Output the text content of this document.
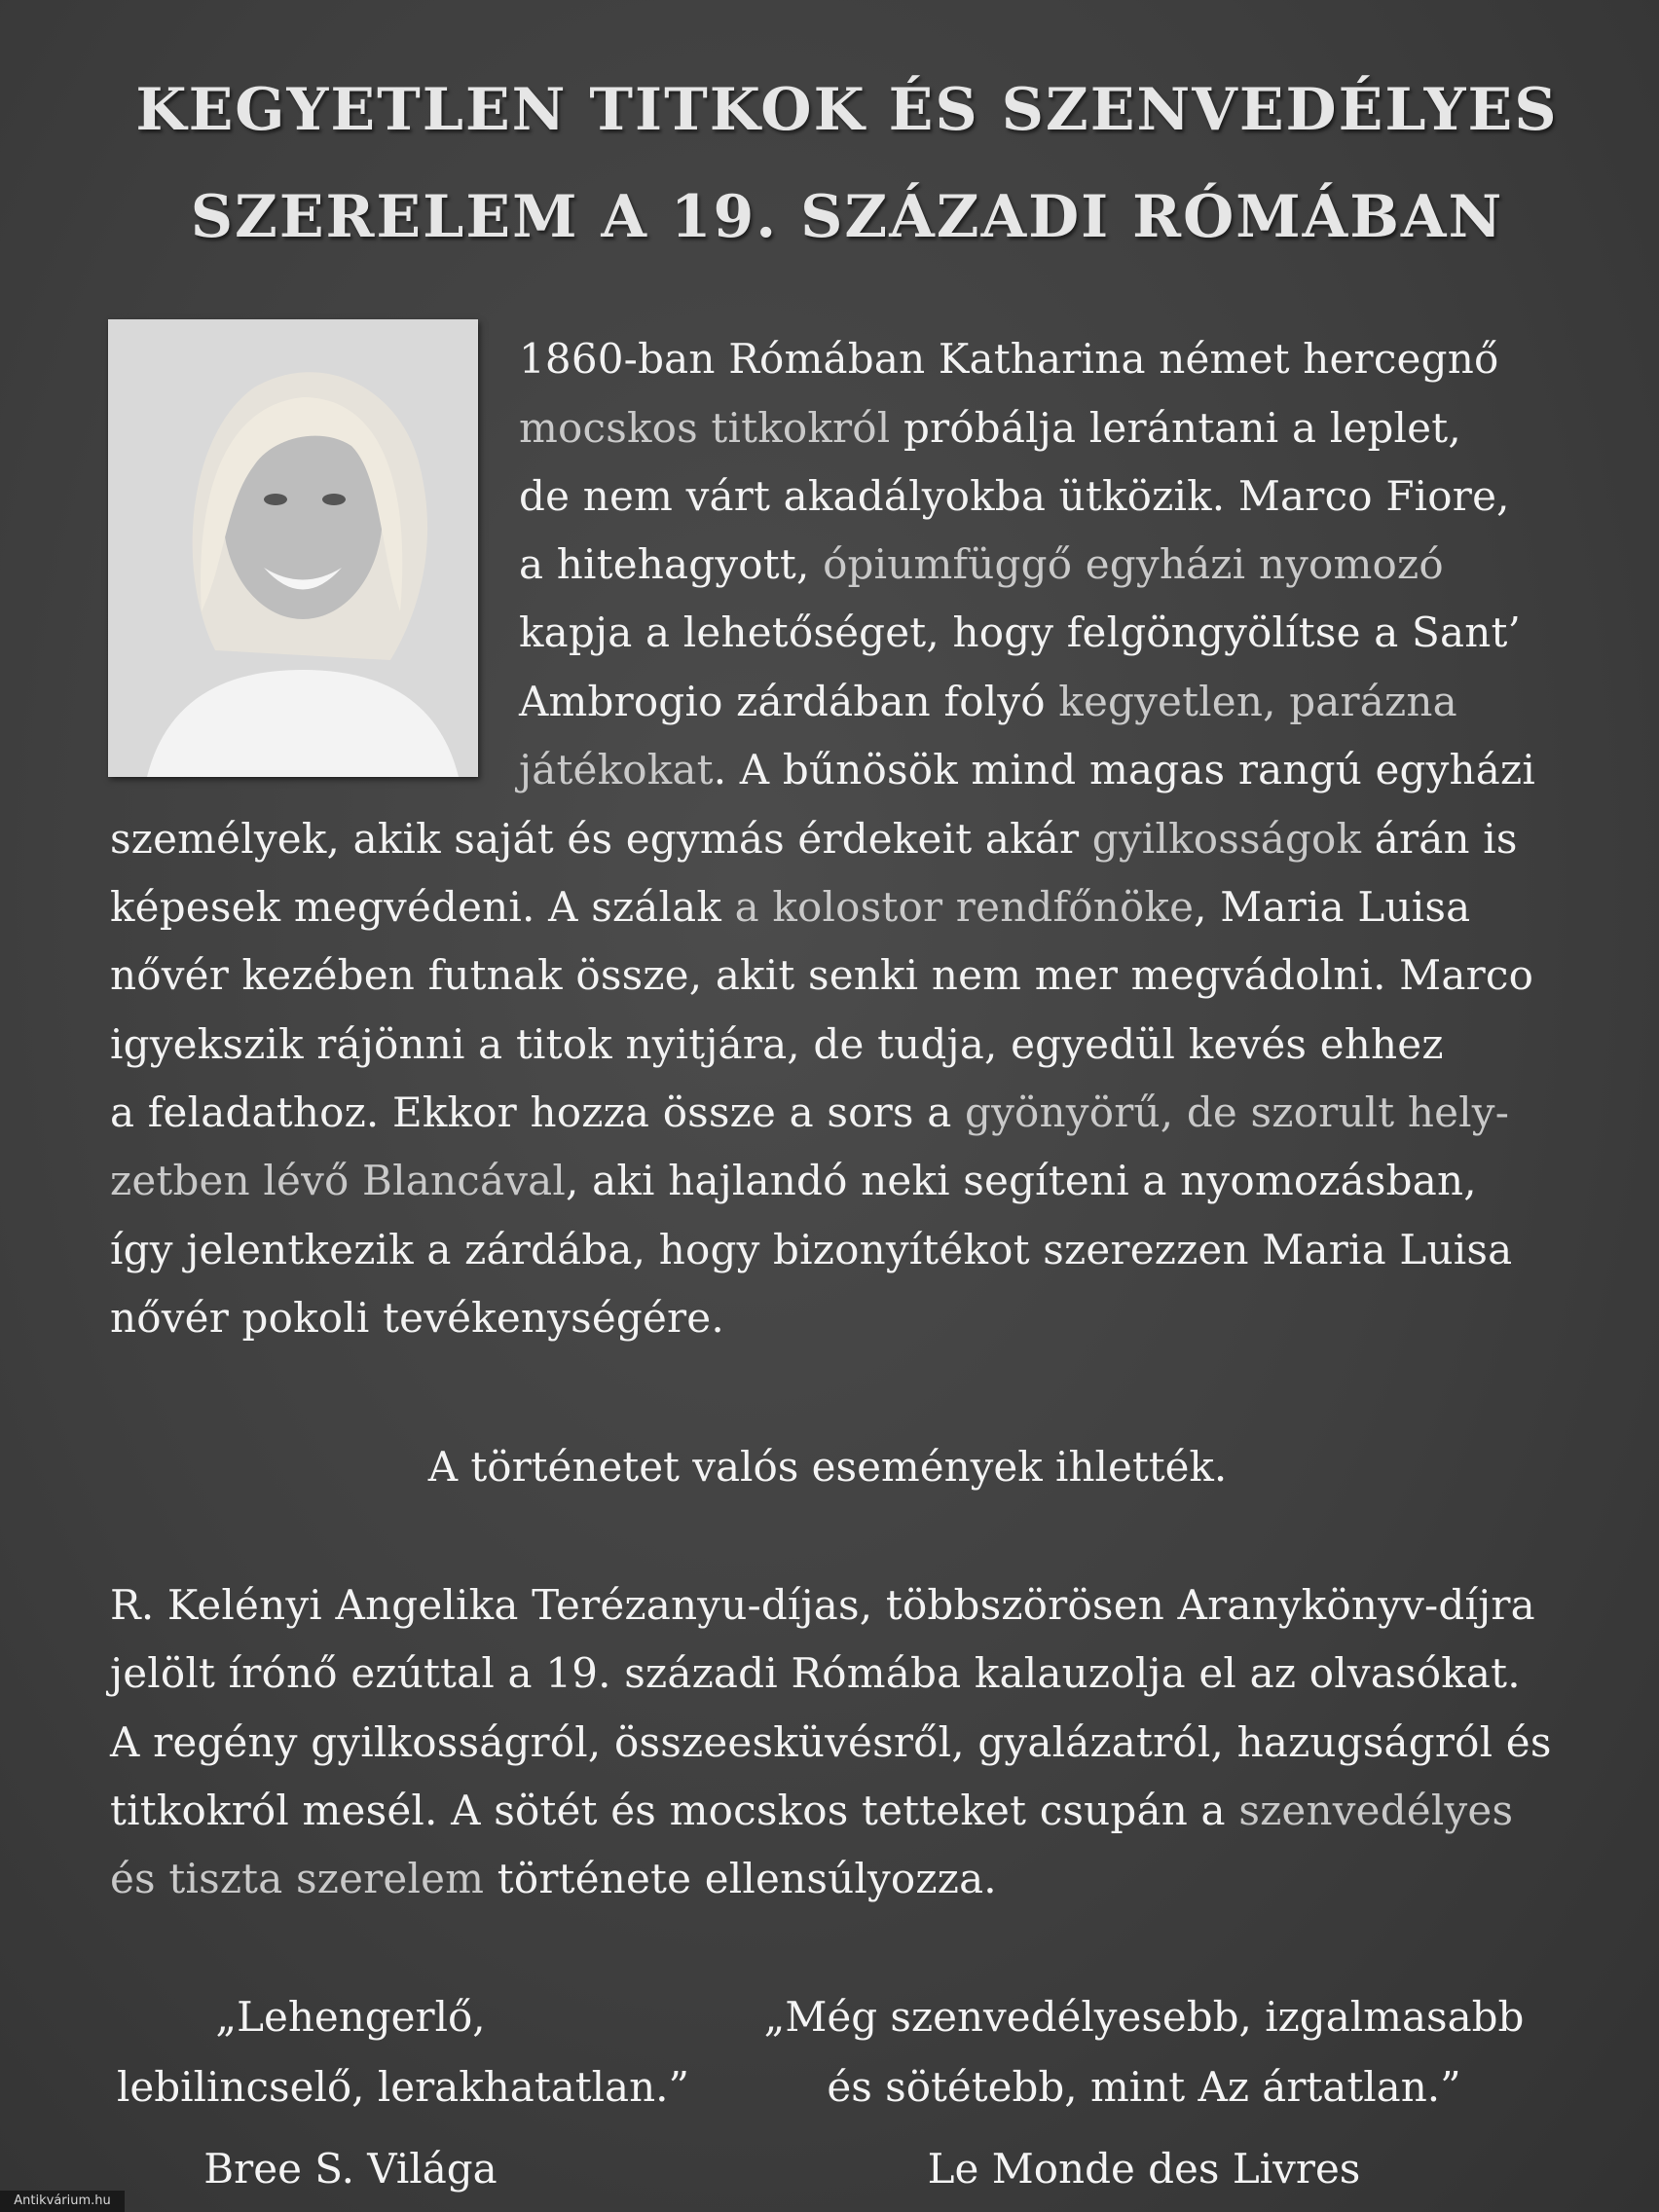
KEGYETLEN TITKOK ÉS SZENVEDÉLYES
SZERELEM A 19. SZÁZADI RÓMÁBAN
1860-ban Rómában Katharina német hercegnő
mocskos titkokról próbálja lerántani a leplet,
de nem várt akadályokba ütközik. Marco Fiore,
a hitehagyott, ópiumfüggő egyházi nyomozó
kapja a lehetőséget, hogy felgöngyölítse a Sant’
Ambrogio zárdában folyó kegyetlen, parázna
játékokat. A bűnösök mind magas rangú egyházi
személyek, akik saját és egymás érdekeit akár gyilkosságok árán is
képesek megvédeni. A szálak a kolostor rendfőnöke, Maria Luisa
nővér kezében futnak össze, akit senki nem mer megvádolni. Marco
igyekszik rájönni a titok nyitjára, de tudja, egyedül kevés ehhez
a feladathoz. Ekkor hozza össze a sors a gyönyörű, de szorult hely-
zetben lévő Blancával, aki hajlandó neki segíteni a nyomozásban,
így jelentkezik a zárdába, hogy bizonyítékot szerezzen Maria Luisa
nővér pokoli tevékenységére.
A történetet valós események ihlették.
R. Kelényi Angelika Terézanyu-díjas, többszörösen Aranykönyv-díjra
jelölt írónő ezúttal a 19. századi Rómába kalauzolja el az olvasókat.
A regény gyilkosságról, összeesküvésről, gyalázatról, hazugságról és
titkokról mesél. A sötét és mocskos tetteket csupán a szenvedélyes
és tiszta szerelem története ellensúlyozza.
„Lehengerlő,
lebilincselő, lerakhatatlan.”
Bree S. Világa
„Még szenvedélyesebb, izgalmasabb
és sötétebb, mint Az ártatlan.”
Le Monde des Livres
Antikvárium.hu
